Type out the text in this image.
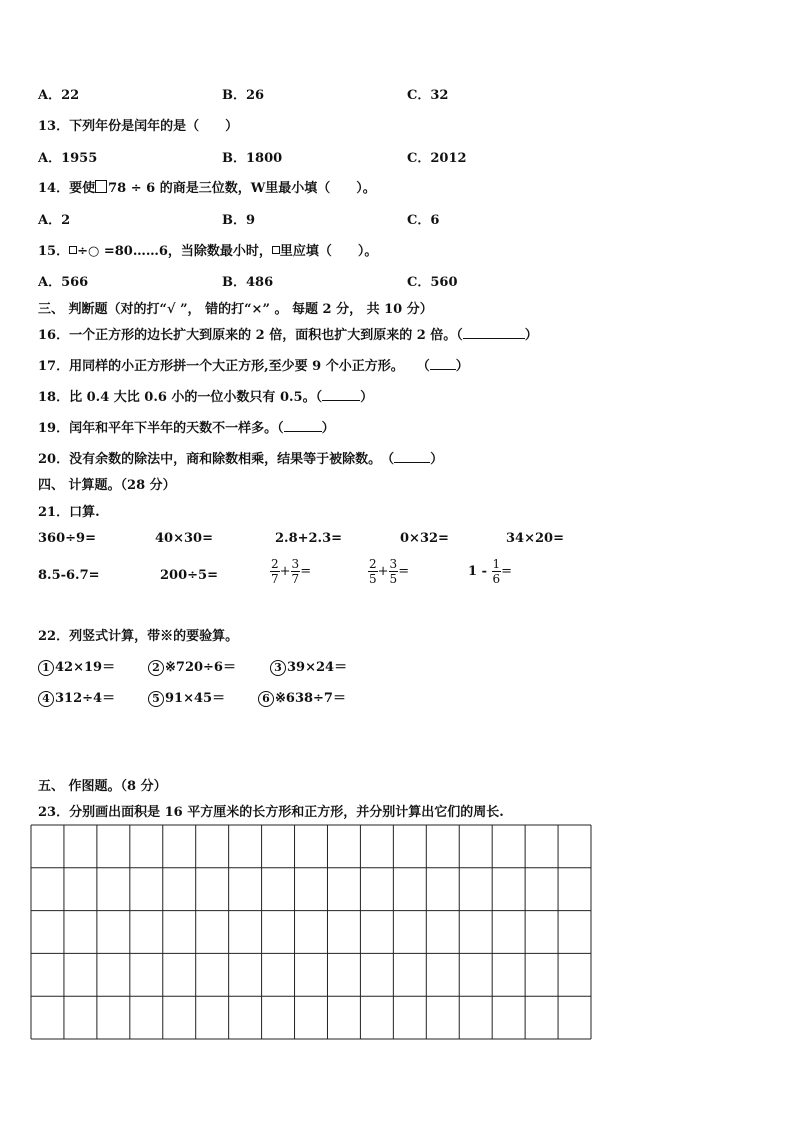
A．22	B．26	C．32
13．下列年份是闰年的是（　　）
A．1955	B．1800	C．2012
14．要使 78 ÷ 6 的商是三位数，W里最小填（　　）。
A．2	B．9	C．6
15． ÷○ =80……6，当除数最小时， 里应填（　　）。
A．566	B．486	C．560
三、 判断题（对的打“√ ”， 错的打“×” 。 每题 2 分， 共 10 分）
16．一个正方形的边长扩大到原来的 2 倍，面积也扩大到原来的 2 倍。（	）
17．用同样的小正方形拼一个大正方形,至少要 9 个小正方形。　　（ ）
18．比 0.4 大比 0.6 小的一位小数只有 0.5。（	）
19．闰年和平年下半年的天数不一样多。（	）
20．没有余数的除法中，商和除数相乘，结果等于被除数。　（	）
四、 计算题。（28 分）
21．口算.
360÷9=	40×30=	2.8+2.3=	0×32=	34×20=
8.5-6.7=	200÷5=	$\frac{2}{7} + \frac{3}{7}$ =	$\frac{2}{5} + \frac{3}{5}$ =	$1 - \frac{1}{6}$ =
22．列竖式计算，带※的要验算。
1 42×19＝	2 ※720÷6＝	3 39×24＝
4 312÷4＝	5 91×45＝	6 ※638÷7＝
五、 作图题。（8 分）
23．分别画出面积是 16 平方厘米的长方形和正方形，并分别计算出它们的周长.
